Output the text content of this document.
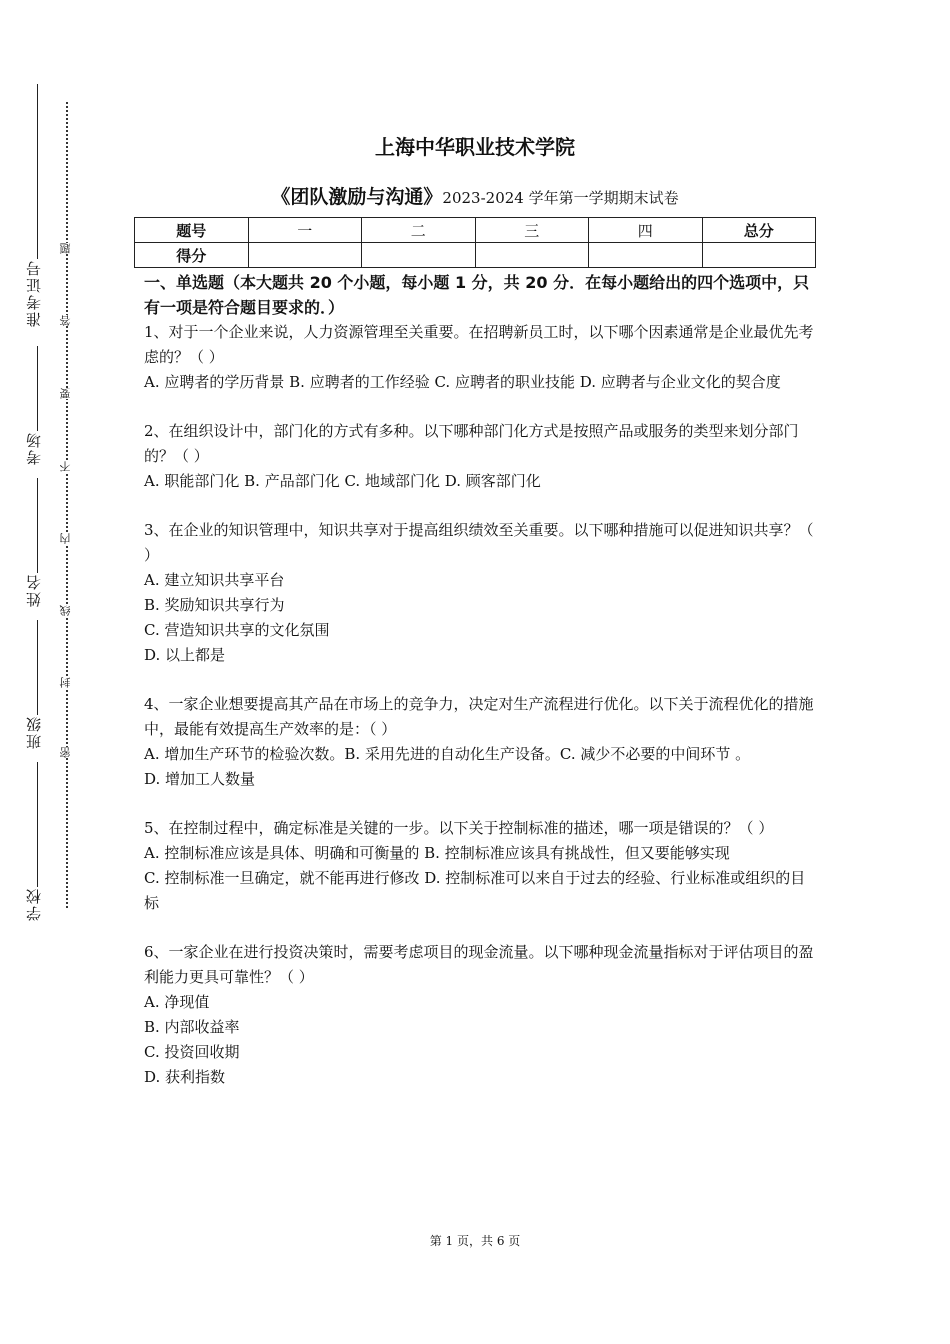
准考证号
考场
姓名
班级
学校
题
答
要
不
内
线
封
密
上海中华职业技术学院
《团队激励与沟通》2023-2024 学年第一学期期末试卷
题号	一	二	三	四	总分
得分					
一、单选题（本大题共 20 个小题，每小题 1 分，共 20 分．在每小题给出的四个选项中，只有一项是符合题目要求的．）
1、对于一个企业来说，人力资源管理至关重要。在招聘新员工时，以下哪个因素通常是企业最优先考虑的？（ ）
A. 应聘者的学历背景 B. 应聘者的工作经验 C. 应聘者的职业技能 D. 应聘者与企业文化的契合度
2、在组织设计中，部门化的方式有多种。以下哪种部门化方式是按照产品或服务的类型来划分部门的？（ ）
A. 职能部门化 B. 产品部门化 C. 地域部门化 D. 顾客部门化
3、在企业的知识管理中，知识共享对于提高组织绩效至关重要。以下哪种措施可以促进知识共享？（ ）
A. 建立知识共享平台
B. 奖励知识共享行为
C. 营造知识共享的文化氛围
D. 以上都是
4、一家企业想要提高其产品在市场上的竞争力，决定对生产流程进行优化。以下关于流程优化的措施中，最能有效提高生产效率的是：（ ）
A. 增加生产环节的检验次数。B. 采用先进的自动化生产设备。C. 减少不必要的中间环节 。
D. 增加工人数量
5、在控制过程中，确定标准是关键的一步。以下关于控制标准的描述，哪一项是错误的？（ ）
A. 控制标准应该是具体、明确和可衡量的 B. 控制标准应该具有挑战性，但又要能够实现
C. 控制标准一旦确定，就不能再进行修改 D. 控制标准可以来自于过去的经验、行业标准或组织的目标
6、一家企业在进行投资决策时，需要考虑项目的现金流量。以下哪种现金流量指标对于评估项目的盈利能力更具可靠性？（ ）
A. 净现值
B. 内部收益率
C. 投资回收期
D. 获利指数
第 1 页，共 6 页
